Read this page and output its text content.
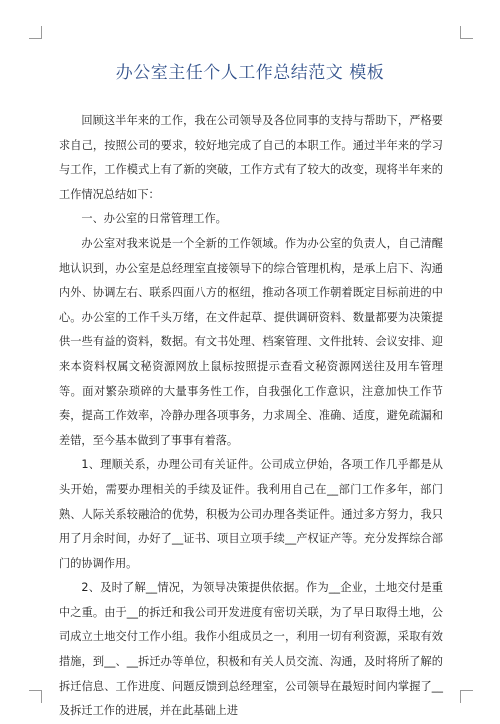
办公室主任个人工作总结范文 模板

回顾这半年来的工作，我在公司领导及各位同事的支持与帮助下，严格要求自己，按照公司的要求，较好地完成了自己的本职工作。通过半年来的学习与工作，工作模式上有了新的突破，工作方式有了较大的改变，现将半年来的工作情况总结如下：

一、办公室的日常管理工作。

办公室对我来说是一个全新的工作领域。作为办公室的负责人，自己清醒地认识到，办公室是总经理室直接领导下的综合管理机构，是承上启下、沟通内外、协调左右、联系四面八方的枢纽，推动各项工作朝着既定目标前进的中心。办公室的工作千头万绪，在文件起草、提供调研资料、数量都要为决策提供一些有益的资料，数据。有文书处理、档案管理、文件批转、会议安排、迎来本资料权属文秘资源网放上鼠标按照提示查看文秘资源网送往及用车管理等。面对繁杂琐碎的大量事务性工作，自我强化工作意识，注意加快工作节奏，提高工作效率，冷静办理各项事务，力求周全、准确、适度，避免疏漏和差错，至今基本做到了事事有着落。

1、理顺关系，办理公司有关证件。公司成立伊始，各项工作几乎都是从头开始，需要办理相关的手续及证件。我利用自己在__部门工作多年，部门熟、人际关系较融洽的优势，积极为公司办理各类证件。通过多方努力，我只用了月余时间，办好了__证书、项目立项手续__产权证产等。充分发挥综合部门的协调作用。

2、及时了解__情况，为领导决策提供依据。作为__企业，土地交付是重中之重。由于__的拆迁和我公司开发进度有密切关联，为了早日取得土地，公司成立土地交付工作小组。我作小组成员之一，利用一切有利资源，采取有效措施，到__、__拆迁办等单位，积极和有关人员交流、沟通，及时将所了解的拆迁信息、工作进度、问题反馈到总经理室，公司领导在最短时间内掌握了__及拆迁工作的进展，并在此基础上进
